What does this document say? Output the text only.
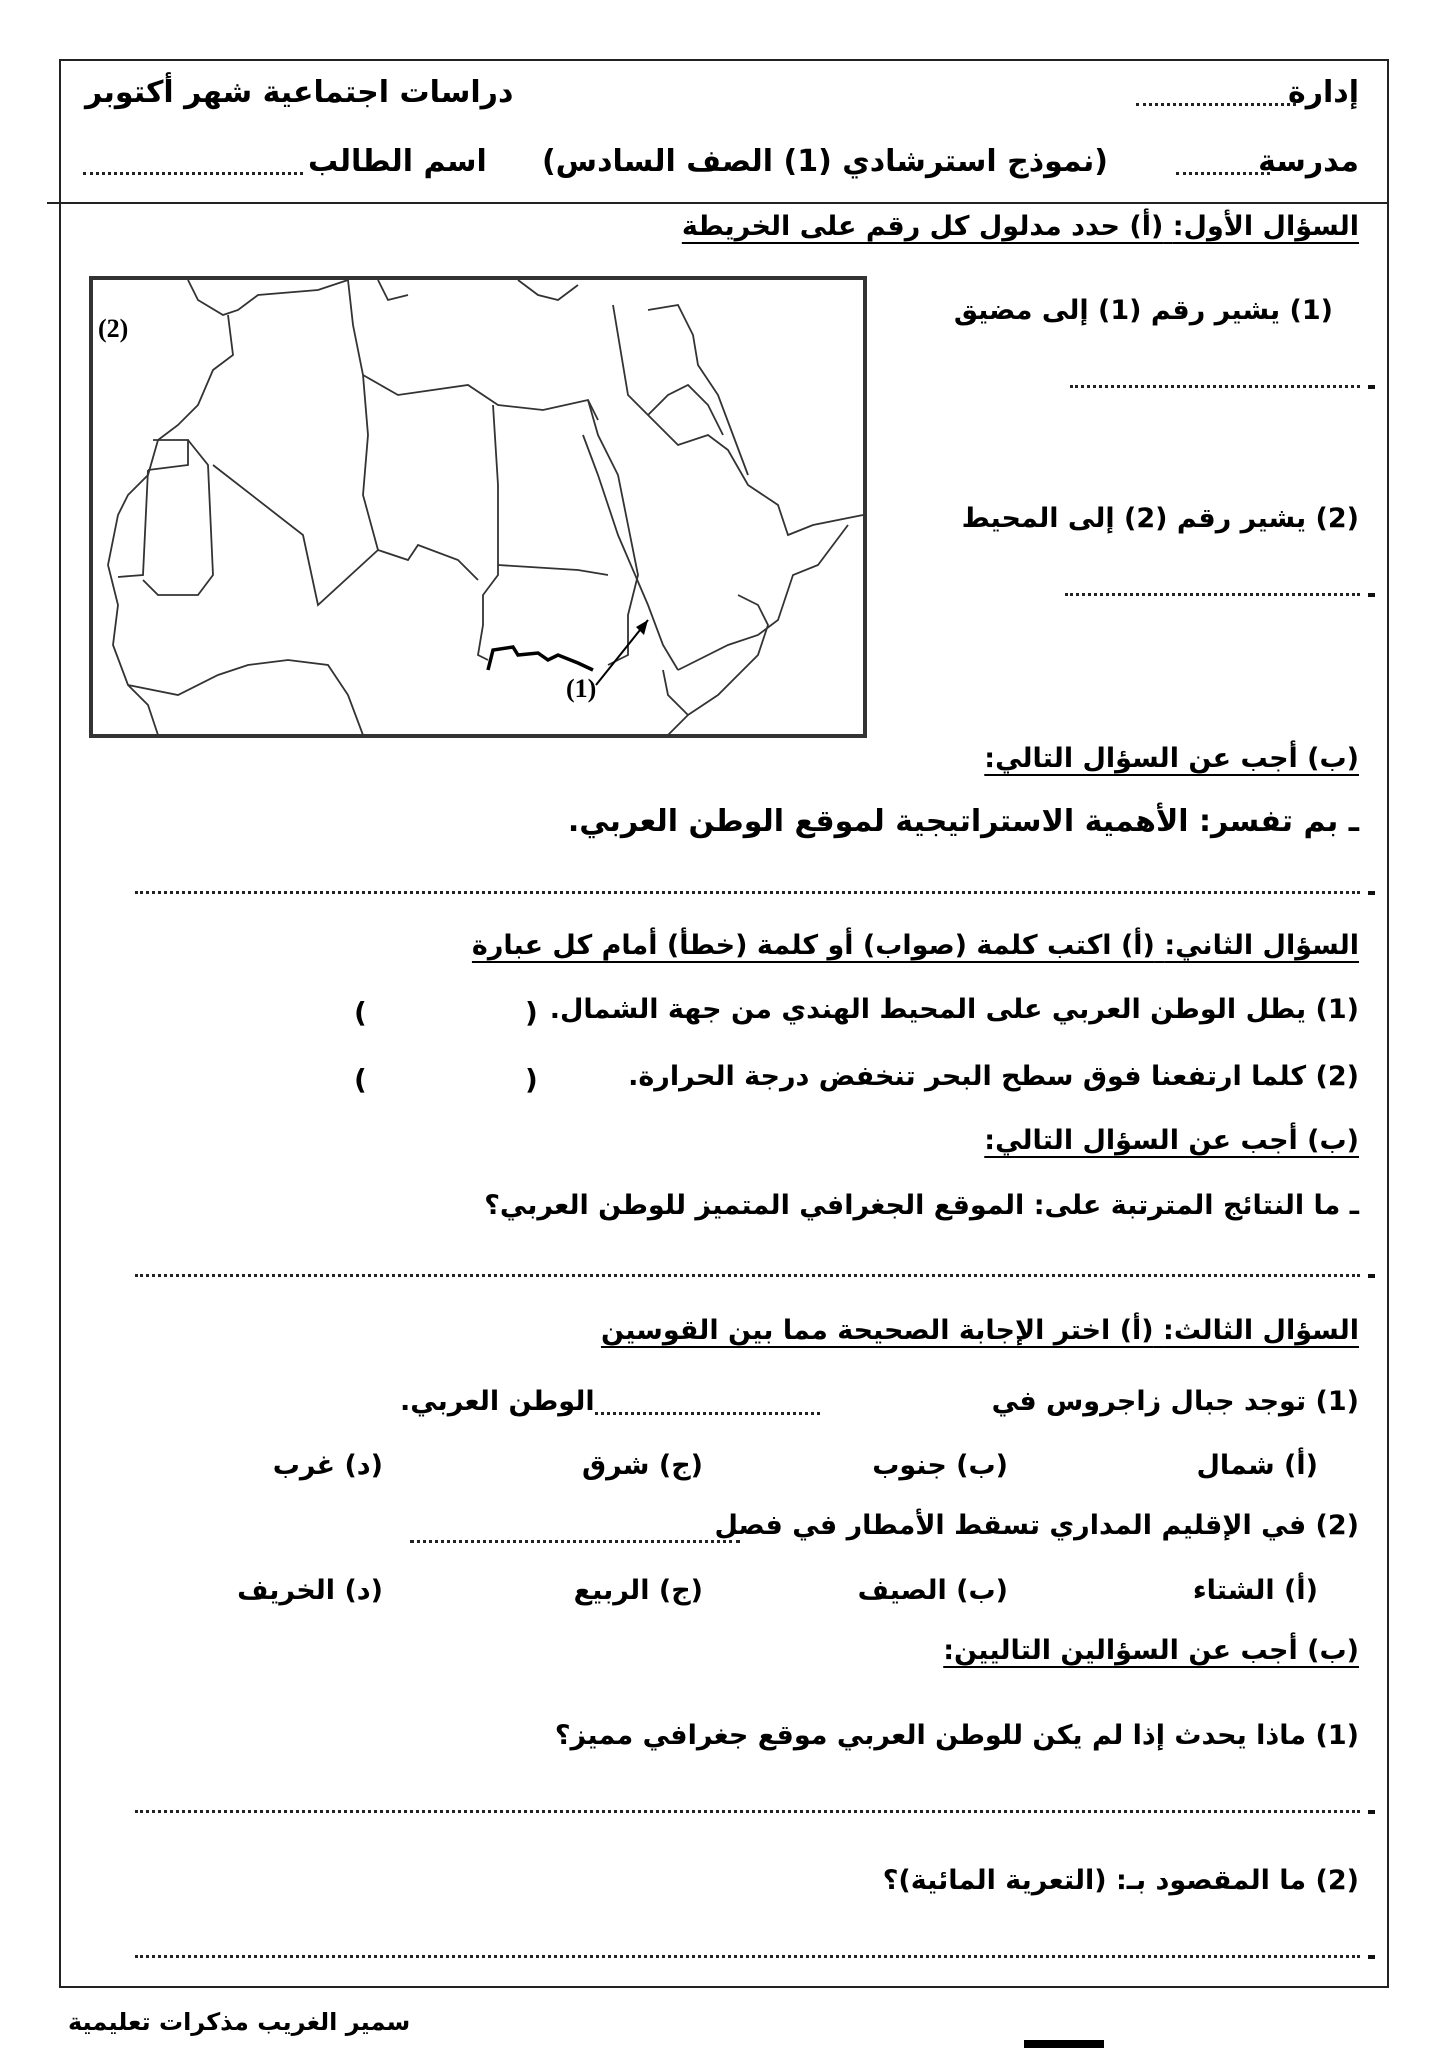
إدارة
دراسات اجتماعية شهر أكتوبر
مدرسة
(نموذج استرشادي (1) الصف السادس)
اسم الطالب
السؤال الأول: (أ) حدد مدلول كل رقم على الخريطة
(2)
(1)
(1) يشير رقم (1) إلى مضيق
(2) يشير رقم (2) إلى المحيط
(ب) أجب عن السؤال التالي:
ـ بم تفسر: الأهمية الاستراتيجية لموقع الوطن العربي.
السؤال الثاني: (أ) اكتب كلمة (صواب) أو كلمة (خطأ) أمام كل عبارة
(1) يطل الوطن العربي على المحيط الهندي من جهة الشمال.
(
)
(2) كلما ارتفعنا فوق سطح البحر تنخفض درجة الحرارة.
(
)
(ب) أجب عن السؤال التالي:
ـ ما النتائج المترتبة على: الموقع الجغرافي المتميز للوطن العربي؟
السؤال الثالث: (أ) اختر الإجابة الصحيحة مما بين القوسين
(1) توجد جبال زاجروس في
الوطن العربي.
(أ) شمال
(ب) جنوب
(ج) شرق
(د) غرب
(2) في الإقليم المداري تسقط الأمطار في فصل
(أ) الشتاء
(ب) الصيف
(ج) الربيع
(د) الخريف
(ب) أجب عن السؤالين التاليين:
(1) ماذا يحدث إذا لم يكن للوطن العربي موقع جغرافي مميز؟
(2) ما المقصود بـ: (التعرية المائية)؟
سمير الغريب مذكرات تعليمية
